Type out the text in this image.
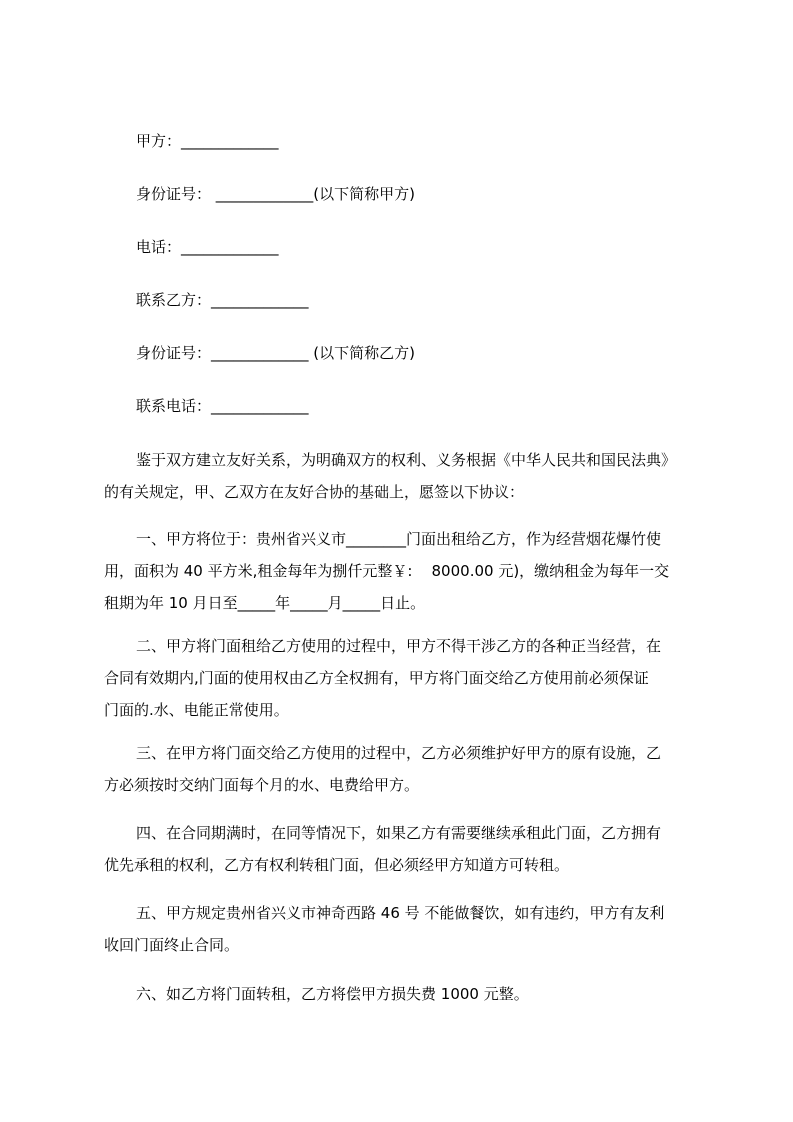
甲方：_____________

身份证号： _____________(以下简称甲方)

电话：_____________

联系乙方：_____________

身份证号：_____________ (以下简称乙方)

联系电话：_____________

鉴于双方建立友好关系，为明确双方的权利、义务根据《中华人民共和国民法典》
的有关规定，甲、乙双方在友好合协的基础上，愿签以下协议：
一、甲方将位于：贵州省兴义市________门面出租给乙方，作为经营烟花爆竹使
用，面积为 40 平方米,租金每年为捌仟元整￥:    8000.00 元)，缴纳租金为每年一交
租期为年 10 月日至_____年_____月_____日止。
二、甲方将门面租给乙方使用的过程中，甲方不得干涉乙方的各种正当经营，在
合同有效期内,门面的使用权由乙方全权拥有，甲方将门面交给乙方使用前必须保证
门面的.水、电能正常使用。
三、在甲方将门面交给乙方使用的过程中，乙方必须维护好甲方的原有设施，乙
方必须按时交纳门面每个月的水、电费给甲方。
四、在合同期满时，在同等情况下，如果乙方有需要继续承租此门面，乙方拥有
优先承租的权利，乙方有权利转租门面，但必须经甲方知道方可转租。
五、甲方规定贵州省兴义市神奇西路 46 号 不能做餐饮，如有违约，甲方有友利
收回门面终止合同。
六、如乙方将门面转租，乙方将偿甲方损失费 1000 元整。
